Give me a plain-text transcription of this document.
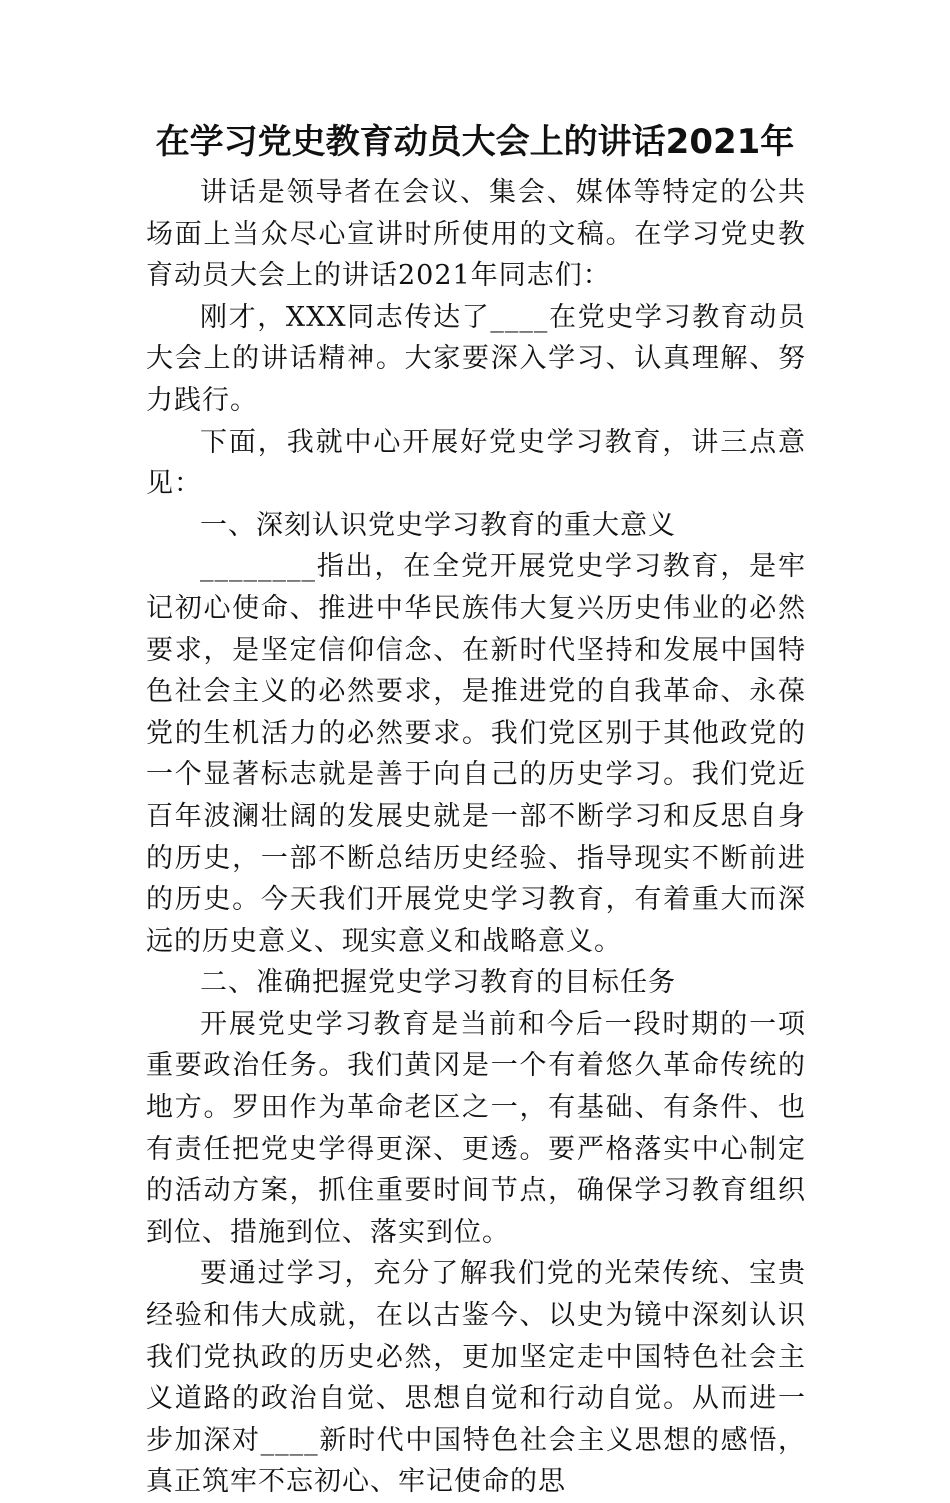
在学习党史教育动员大会上的讲话2021年

讲话是领导者在会议、集会、媒体等特定的公共场面上当众尽心宣讲时所使用的文稿。在学习党史教育动员大会上的讲话2021年同志们：

刚才，XXX同志传达了____在党史学习教育动员大会上的讲话精神。大家要深入学习、认真理解、努力践行。

下面，我就中心开展好党史学习教育，讲三点意见：

一、深刻认识党史学习教育的重大意义

________指出，在全党开展党史学习教育，是牢记初心使命、推进中华民族伟大复兴历史伟业的必然要求，是坚定信仰信念、在新时代坚持和发展中国特色社会主义的必然要求，是推进党的自我革命、永葆党的生机活力的必然要求。我们党区别于其他政党的一个显著标志就是善于向自己的历史学习。我们党近百年波澜壮阔的发展史就是一部不断学习和反思自身的历史，一部不断总结历史经验、指导现实不断前进的历史。今天我们开展党史学习教育，有着重大而深远的历史意义、现实意义和战略意义。

二、准确把握党史学习教育的目标任务

开展党史学习教育是当前和今后一段时期的一项重要政治任务。我们黄冈是一个有着悠久革命传统的地方。罗田作为革命老区之一，有基础、有条件、也有责任把党史学得更深、更透。要严格落实中心制定的活动方案，抓住重要时间节点，确保学习教育组织到位、措施到位、落实到位。

要通过学习，充分了解我们党的光荣传统、宝贵经验和伟大成就，在以古鉴今、以史为镜中深刻认识我们党执政的历史必然，更加坚定走中国特色社会主义道路的政治自觉、思想自觉和行动自觉。从而进一步加深对____新时代中国特色社会主义思想的感悟，真正筑牢不忘初心、牢记使命的思
